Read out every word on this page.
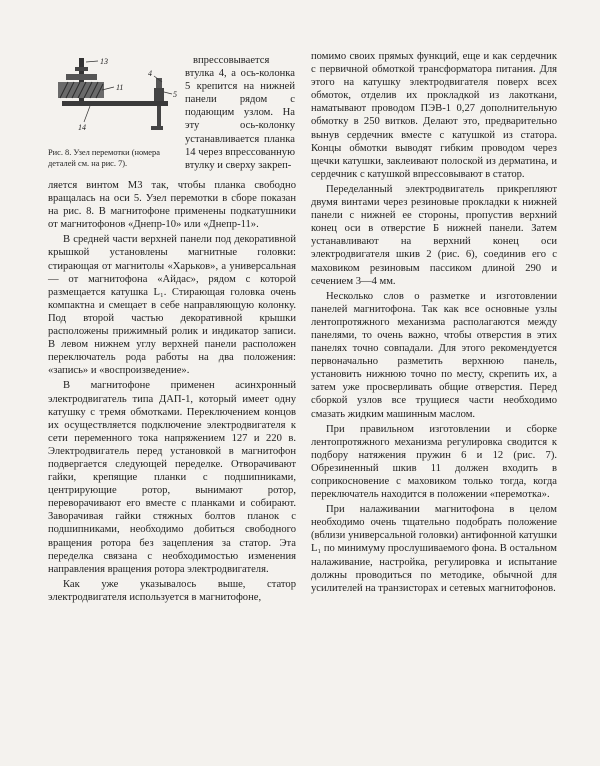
13
11
4
5
14
Рис. 8. Узел перемотки (номера деталей см. на рис. 7).

впрессовывается втулка 4, а ось-колонка 5 крепится на нижней панели рядом с подающим узлом. На эту ось-колонку устанавливается планка 14 через впрессованную втулку и сверху закреп-

ляется винтом М3 так, чтобы планка свободно вращалась на оси 5. Узел перемотки в сборе показан на рис. 8. В магнитофоне применены подкатушники от магнитофонов «Днепр-10» или «Днепр-11».

В средней части верхней панели под декоративной крышкой установлены магнитные головки: стирающая от магнитолы «Харьков», а универсальная — от магнитофона «Айдас», рядом с которой размещается катушка L₁. Стирающая головка очень компактна и смещает в себе направляющую колонку. Под второй частью декоративной крышки расположены прижимный ролик и индикатор записи. В левом нижнем углу верхней панели расположен переключатель рода работы на два положения: «запись» и «воспроизведение».

В магнитофоне применен асинхронный электродвигатель типа ДАП-1, который имеет одну катушку с тремя обмотками. Переключением концов их осуществляется подключение электродвигателя к сети переменного тока напряжением 127 и 220 в. Электродвигатель перед установкой в магнитофон подвергается следующей переделке. Отворачивают гайки, крепящие планки с подшипниками, центрирующие ротор, вынимают ротор, переворачивают его вместе с планками и собирают. Заворачивая гайки стяжных болтов планок с подшипниками, необходимо добиться свободного вращения ротора без зацепления за статор. Эта переделка связана с необходимостью изменения направления вращения ротора электродвигателя.

Как уже указывалось выше, статор электродвигателя используется в магнитофоне,

помимо своих прямых функций, еще и как сердечник с первичной обмоткой трансформатора питания. Для этого на катушку электродвигателя поверх всех обмоток, отделив их прокладкой из лакоткани, наматывают проводом ПЭВ-1 0,27 дополнительную обмотку в 250 витков. Делают это, предварительно вынув сердечник вместе с катушкой из статора. Концы обмотки выводят гибким проводом через щечки катушки, заклеивают полоской из дерматина, и сердечник с катушкой впрессовывают в статор.

Переделанный электродвигатель прикрепляют двумя винтами через резиновые прокладки к нижней панели с нижней ее стороны, пропустив верхний конец оси в отверстие Б нижней панели. Затем устанавливают на верхний конец оси электродвигателя шкив 2 (рис. 6), соединив его с маховиком резиновым пассиком длиной 290 и сечением 3—4 мм.

Несколько слов о разметке и изготовлении панелей магнитофона. Так как все основные узлы лентопротяжного механизма располагаются между панелями, то очень важно, чтобы отверстия в этих панелях точно совпадали. Для этого рекомендуется первоначально разметить верхнюю панель, установить нижнюю точно по месту, скрепить их, а затем уже просверливать общие отверстия. Перед сборкой узлов все трущиеся части необходимо смазать жидким машинным маслом.

При правильном изготовлении и сборке лентопротяжного механизма регулировка сводится к подбору натяжения пружин 6 и 12 (рис. 7). Обрезиненный шкив 11 должен входить в соприкосновение с маховиком только тогда, когда переключатель находится в положении «перемотка».

При налаживании магнитофона в целом необходимо очень тщательно подобрать положение (вблизи универсальной головки) антифонной катушки L₁ по минимуму прослушиваемого фона. В остальном налаживание, настройка, регулировка и испытание должны проводиться по методике, обычной для усилителей на транзисторах и сетевых магнитофонов.
